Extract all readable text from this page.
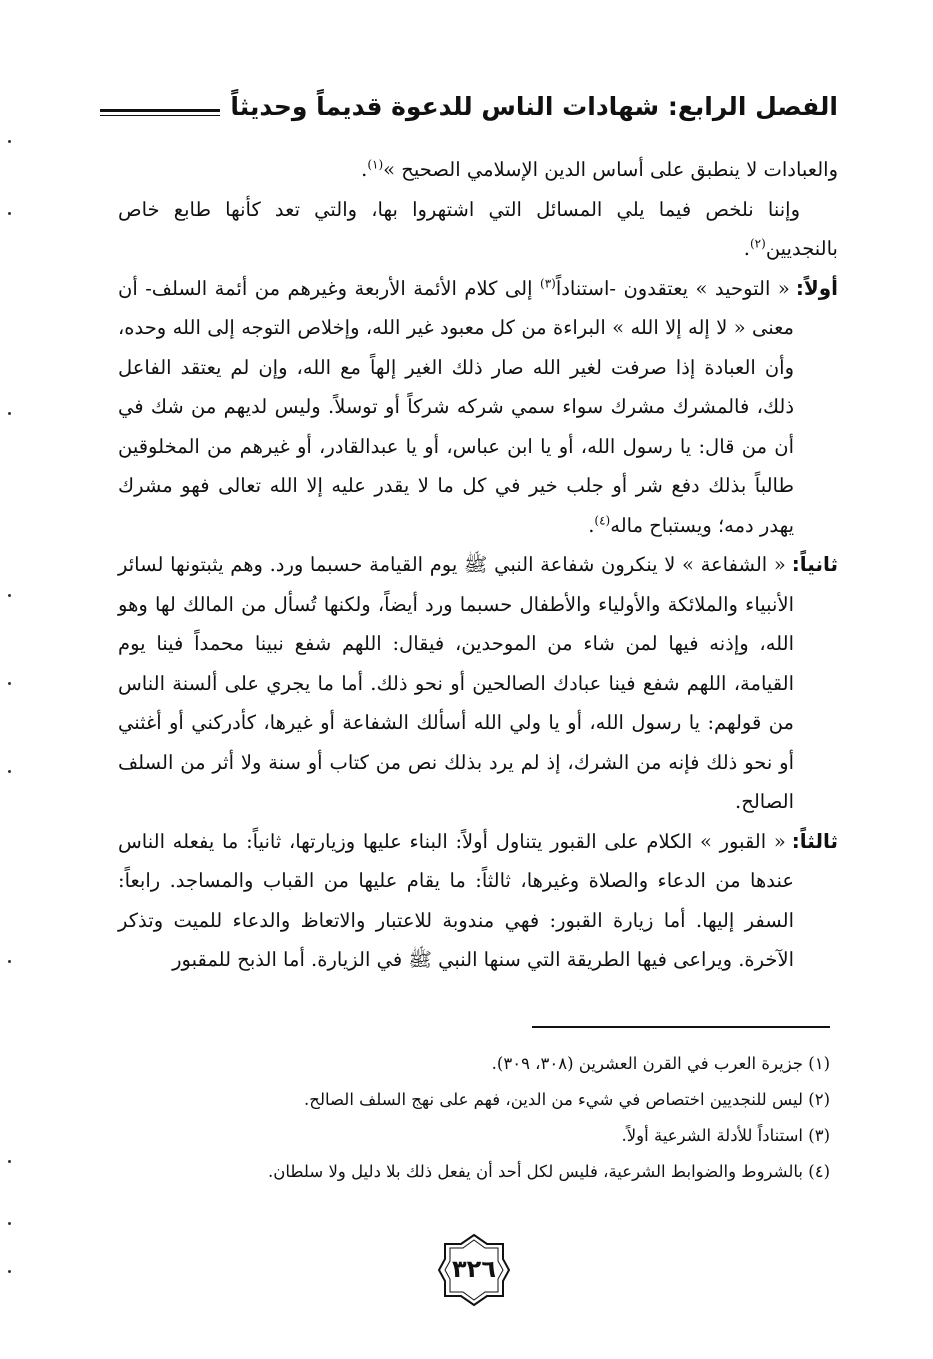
الفصل الرابع: شهادات الناس للدعوة قديماً وحديثاً

والعبادات لا ينطبق على أساس الدين الإسلامي الصحيح »$^{(١)}$.

وإننا نلخص فيما يلي المسائل التي اشتهروا بها، والتي تعد كأنها طابع خاص بالنجديين$^{(٢)}$.

أولاً:« التوحيد » يعتقدون -استناداً$^{(٣)}$ إلى كلام الأئمة الأربعة وغيرهم من أئمة السلف- أن معنى « لا إله إلا الله » البراءة من كل معبود غير الله، وإخلاص التوجه إلى الله وحده، وأن العبادة إذا صرفت لغير الله صار ذلك الغير إلهاً مع الله، وإن لم يعتقد الفاعل ذلك، فالمشرك مشرك سواء سمي شركه شركاً أو توسلاً. وليس لديهم من شك في أن من قال: يا رسول الله، أو يا ابن عباس، أو يا عبدالقادر، أو غيرهم من المخلوقين طالباً بذلك دفع شر أو جلب خير في كل ما لا يقدر عليه إلا الله تعالى فهو مشرك يهدر دمه؛ ويستباح ماله$^{(٤)}$.

ثانياً:« الشفاعة » لا ينكرون شفاعة النبي ﷺ يوم القيامة حسبما ورد. وهم يثبتونها لسائر الأنبياء والملائكة والأولياء والأطفال حسبما ورد أيضاً، ولكنها تُسأل من المالك لها وهو الله، وإذنه فيها لمن شاء من الموحدين، فيقال: اللهم شفع نبينا محمداً فينا يوم القيامة، اللهم شفع فينا عبادك الصالحين أو نحو ذلك. أما ما يجري على ألسنة الناس من قولهم: يا رسول الله، أو يا ولي الله أسألك الشفاعة أو غيرها، كأدركني أو أغثني أو نحو ذلك فإنه من الشرك، إذ لم يرد بذلك نص من كتاب أو سنة ولا أثر من السلف الصالح.

ثالثاً:« القبور » الكلام على القبور يتناول أولاً: البناء عليها وزيارتها، ثانياً: ما يفعله الناس عندها من الدعاء والصلاة وغيرها، ثالثاً: ما يقام عليها من القباب والمساجد. رابعاً: السفر إليها. أما زيارة القبور: فهي مندوبة للاعتبار والاتعاظ والدعاء للميت وتذكر الآخرة. ويراعى فيها الطريقة التي سنها النبي ﷺ في الزيارة. أما الذبح للمقبور

(١) جزيرة العرب في القرن العشرين (٣٠٨، ٣٠٩).

(٢) ليس للنجديين اختصاص في شيء من الدين، فهم على نهج السلف الصالح.

(٣) استناداً للأدلة الشرعية أولاً.

(٤) بالشروط والضوابط الشرعية، فليس لكل أحد أن يفعل ذلك بلا دليل ولا سلطان.

٣٢٦
